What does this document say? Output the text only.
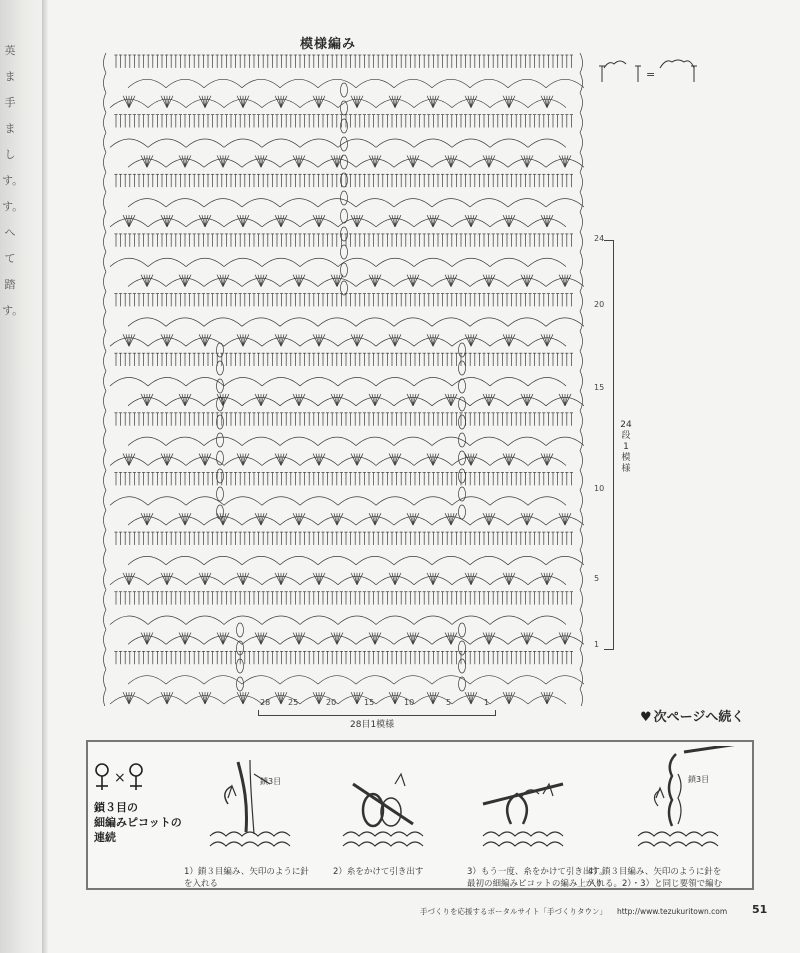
英
ま
手
ま
し
す。
す。
へ
て
踏
す。
模様編み
=
24
20
15
10
5
1
24
段
1
模
様
28 25	20	15	10	5	1
28目1模様	♥ 次ページへ続く
×
鎖３目の
細編みピコットの
連続
鎖3目
1）鎖３目編み、矢印のように針
を入れる
2）糸をかけて引き出す	3）もう一度、糸をかけて引き出す。
最初の細編みピコットの編み上がり
鎖3目
4）鎖３目編み、矢印のように針を
入れる。2）・3）と同じ要領で編む
手づくりを応援するポータルサイト「手づくりタウン」 http://www.tezukuritown.com 51
